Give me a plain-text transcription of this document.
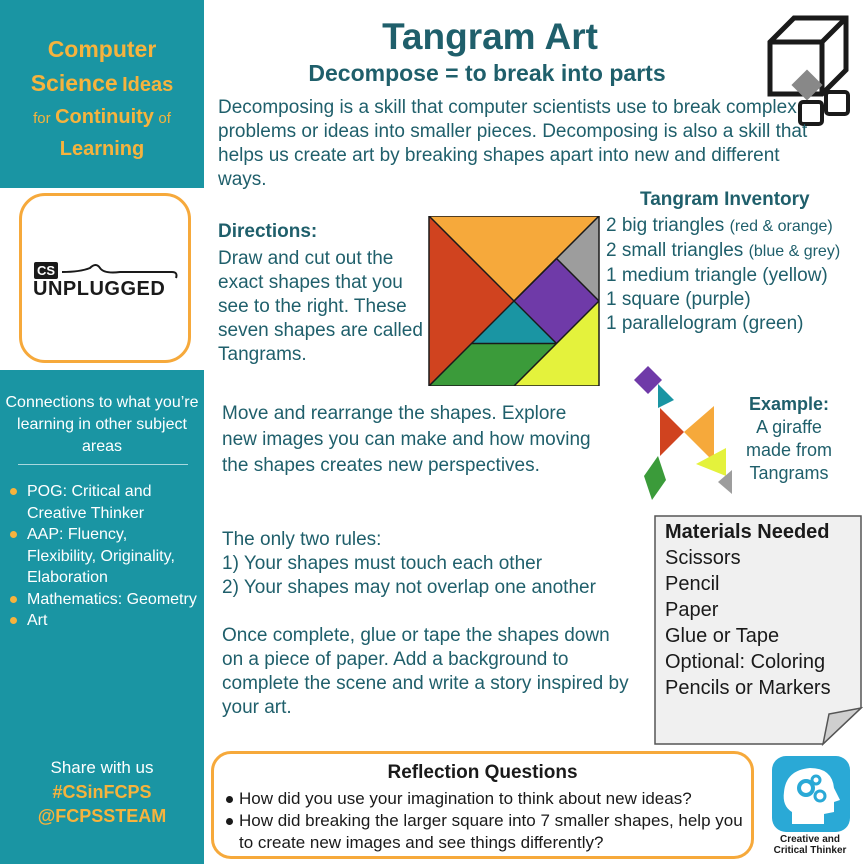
Computer
Science Ideas
for Continuity of
Learning
CS
UNPLUGGED
Connections to what you’re learning in other subject areas
POG: Critical and Creative Thinker
AAP: Fluency, Flexibility, Originality, Elaboration
Mathematics: Geometry
Art
Share with us
#CSinFCPS
@FCPSSTEAM
Tangram Art
Decompose = to break into parts
Decomposing is a skill that computer scientists use to break complex problems or ideas into smaller pieces. Decomposing is also a skill that helps us create art by breaking shapes apart into new and different ways.
Directions:
Draw and cut out the exact shapes that you see to the right. These seven shapes are called Tangrams.
Tangram Inventory
2 big triangles (red & orange)
2 small triangles (blue & grey)
1 medium triangle (yellow)
1 square (purple)
1 parallelogram (green)
Move and rearrange the shapes. Explore new images you can make and how moving the shapes creates new perspectives.
The only two rules:
1) Your shapes must touch each other
2) Your shapes may not overlap one another
Once complete, glue or tape the shapes down on a piece of paper. Add a background to complete the scene and write a story inspired by your art.
Example:
A giraffe made from Tangrams
Materials Needed
Scissors
Pencil
Paper
Glue or Tape
Optional: Coloring
Pencils or Markers
Reflection Questions
How did you use your imagination to think about new ideas?
How did breaking the larger square into 7 smaller shapes, help you to create new images and see things differently?	Creative and Critical Thinker
